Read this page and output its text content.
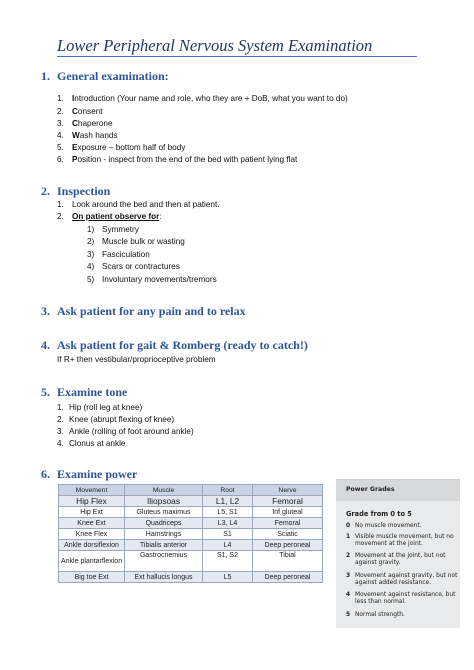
Lower Peripheral Nervous System Examination
1. General examination:
1. Introduction (Your name and role, who they are + DoB, what you want to do)
2. Consent
3. Chaperone
4. Wash hands
5. Exposure – bottom half of body
6. Position - inspect from the end of the bed with patient lying flat
2. Inspection
1. Look around the bed and then at patient.
2. On patient observe for:
1) Symmetry
2) Muscle bulk or wasting
3) Fasciculation
4) Scars or contractures
5) Involuntary movements/tremors
3. Ask patient for any pain and to relax
4. Ask patient for gait & Romberg (ready to catch!)
If R+ then vestibular/proprioceptive problem
5. Examine tone
1. Hip (roll leg at knee)
2. Knee (abrupt flexing of knee)
3. Ankle (rolling of foot around ankle)
4. Clonus at ankle
6. Examine power
Movement	Muscle	Root	Nerve
Hip Flex	Iliopsoas	L1, L2	Femoral
Hip Ext	Gluteus maximus	L5, S1	Inf gluteal
Knee Ext	Quadriceps	L3, L4	Femoral
Knee Flex	Hamstrings	S1	Sciatic
Ankle dorsiflexion	Tibialis anterior	L4	Deep peroneal
Ankle plantarflexion	Gastrocnemius	S1, S2	Tibial
Big toe Ext	Ext hallucis longus	L5	Deep peroneal
Power Grades
Grade from 0 to 5
0 No muscle movement.
1 Visible muscle movement, but no movement at the joint.
2 Movement at the joint, but not against gravity.
3 Movement against gravity, but not against added resistance.
4 Movement against resistance, but less than normal.
5 Normal strength.
